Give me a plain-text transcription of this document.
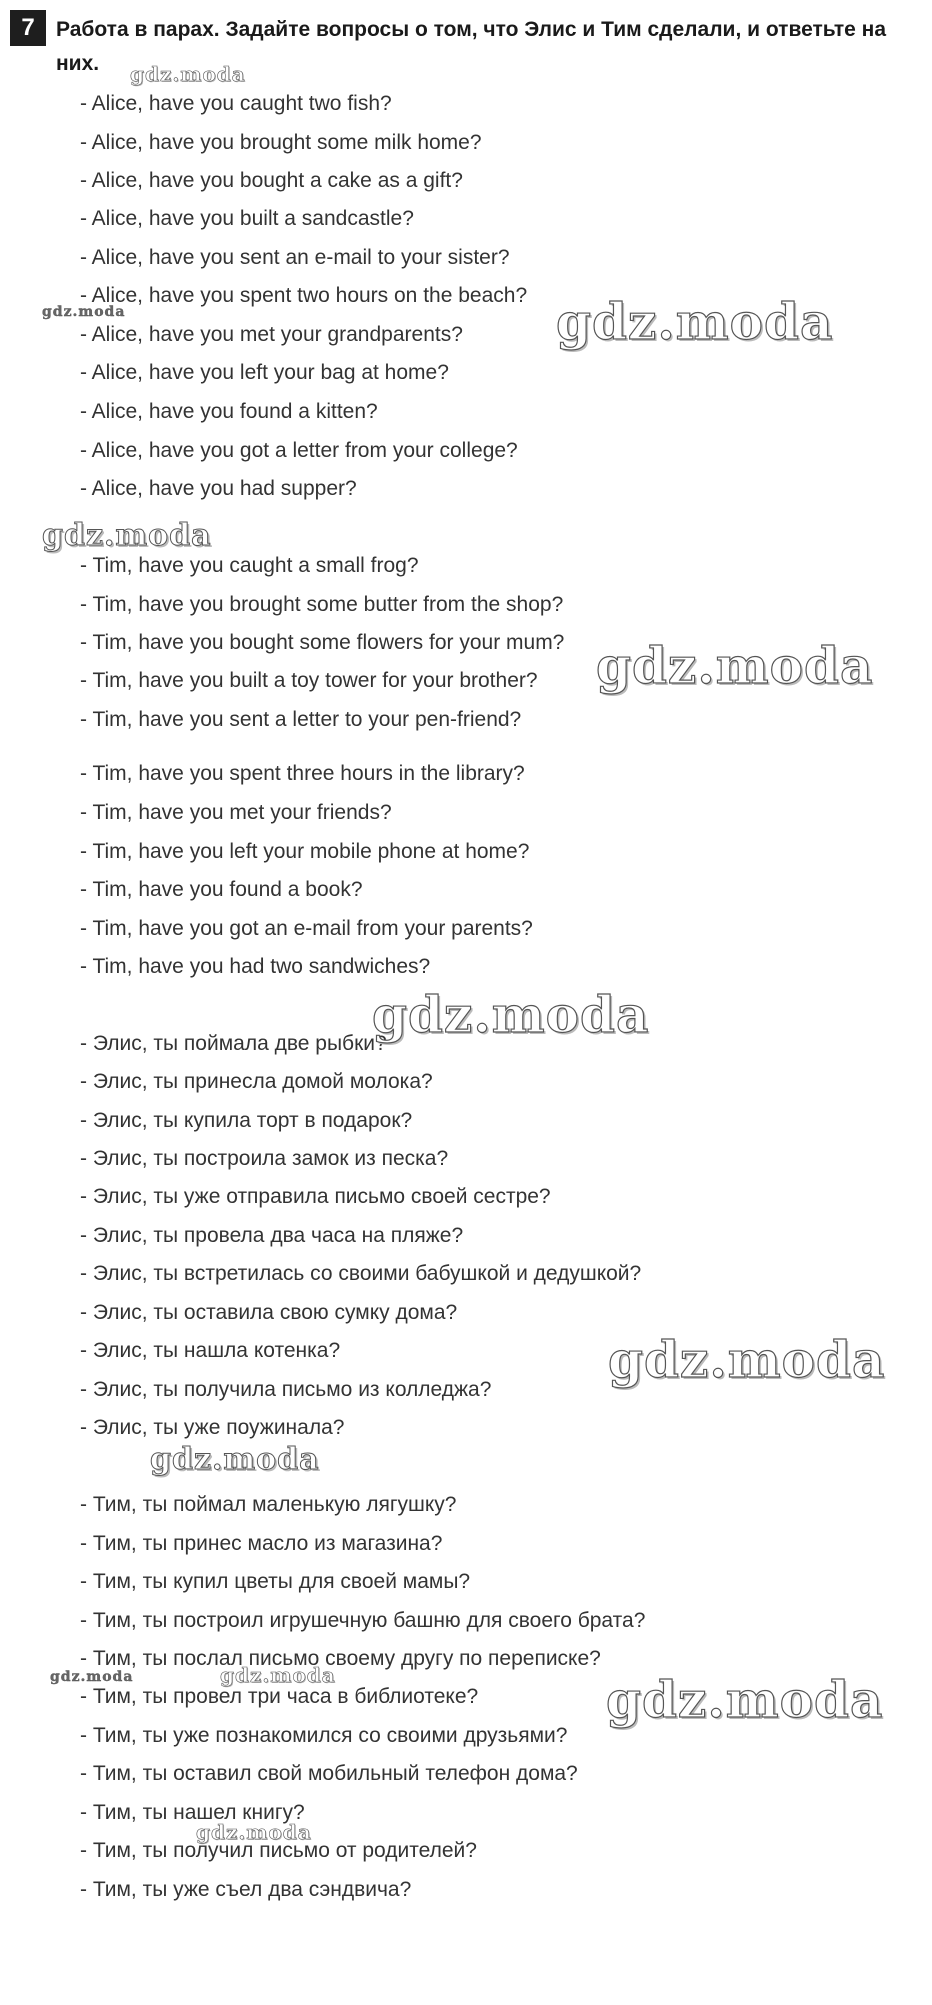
7	Работа в парах. Задайте вопросы о том, что Элис и Тим сделали, и ответьте на них.
- Alice, have you caught two fish?
- Alice, have you brought some milk home?
- Alice, have you bought a cake as a gift?
- Alice, have you built a sandcastle?
- Alice, have you sent an e-mail to your sister?
- Alice, have you spent two hours on the beach?
- Alice, have you met your grandparents?
- Alice, have you left your bag at home?
- Alice, have you found a kitten?
- Alice, have you got a letter from your college?
- Alice, have you had supper?
- Tim, have you caught a small frog?
- Tim, have you brought some butter from the shop?
- Tim, have you bought some flowers for your mum?
- Tim, have you built a toy tower for your brother?
- Tim, have you sent a letter to your pen-friend?
- Tim, have you spent three hours in the library?
- Tim, have you met your friends?
- Tim, have you left your mobile phone at home?
- Tim, have you found a book?
- Tim, have you got an e-mail from your parents?
- Tim, have you had two sandwiches?
- Элис, ты поймала две рыбки?
- Элис, ты принесла домой молока?
- Элис, ты купила торт в подарок?
- Элис, ты построила замок из песка?
- Элис, ты уже отправила письмо своей сестре?
- Элис, ты провела два часа на пляже?
- Элис, ты встретилась со своими бабушкой и дедушкой?
- Элис, ты оставила свою сумку дома?
- Элис, ты нашла котенка?
- Элис, ты получила письмо из колледжа?
- Элис, ты уже поужинала?
- Тим, ты поймал маленькую лягушку?
- Тим, ты принес масло из магазина?
- Тим, ты купил цветы для своей мамы?
- Тим, ты построил игрушечную башню для своего брата?
- Тим, ты послал письмо своему другу по переписке?
- Тим, ты провел три часа в библиотеке?
- Тим, ты уже познакомился со своими друзьями?
- Тим, ты оставил свой мобильный телефон дома?
- Тим, ты нашел книгу?
- Тим, ты получил письмо от родителей?
- Тим, ты уже съел два сэндвича?
gdz.moda
gdz.moda
gdz.moda
gdz.moda
gdz.moda
gdz.moda
gdz.moda
gdz.moda
gdz.moda
gdz.moda	gdz.moda
gdz.moda
